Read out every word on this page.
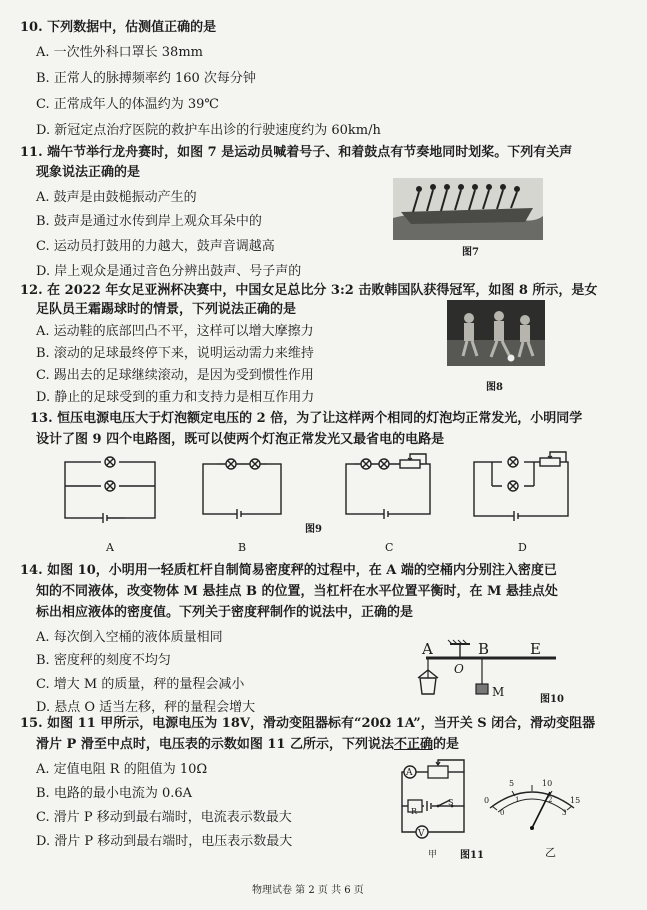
10. 下列数据中，估测值正确的是
A. 一次性外科口罩长 38mm
B. 正常人的脉搏频率约 160 次每分钟
C. 正常成年人的体温约为 39℃
D. 新冠定点治疗医院的救护车出诊的行驶速度约为 60km/h
11. 端午节举行龙舟赛时，如图 7 是运动员喊着号子、和着鼓点有节奏地同时划桨。下列有关声
现象说法正确的是
A. 鼓声是由鼓槌振动产生的
B. 鼓声是通过水传到岸上观众耳朵中的
C. 运动员打鼓用的力越大，鼓声音调越高
D. 岸上观众是通过音色分辨出鼓声、号子声的
图7
12. 在 2022 年女足亚洲杯决赛中，中国女足总比分 3:2 击败韩国队获得冠军，如图 8 所示，是女
足队员王霜踢球时的情景，下列说法正确的是
A. 运动鞋的底部凹凸不平，这样可以增大摩擦力
B. 滚动的足球最终停下来，说明运动需力来维持
C. 踢出去的足球继续滚动，是因为受到惯性作用
D. 静止的足球受到的重力和支持力是相互作用力
图8
13. 恒压电源电压大于灯泡额定电压的 2 倍，为了让这样两个相同的灯泡均正常发光，小明同学
设计了图 9 四个电路图，既可以使两个灯泡正常发光又最省电的电路是
图9
A	B	C	D
14. 如图 10，小明用一轻质杠杆自制简易密度秤的过程中，在 A 端的空桶内分别注入密度已
知的不同液体，改变物体 M 悬挂点 B 的位置，当杠杆在水平位置平衡时，在 M 悬挂点处
标出相应液体的密度值。下列关于密度秤制作的说法中，正确的是
A. 每次倒入空桶的液体质量相同
B. 密度秤的刻度不均匀
C. 增大 M 的质量，秤的量程会减小
D. 悬点 O 适当左移，秤的量程会增大
A
O
B	E
M
图10
15. 如图 11 甲所示，电源电压为 18V，滑动变阻器标有“20Ω 1A”，当开关 S 闭合，滑动变阻器
滑片 P 滑至中点时，电压表的示数如图 11 乙所示，下列说法不正确的是
A. 定值电阻 R 的阻值为 10Ω
B. 电路的最小电流为 0.6A
C. 滑片 P 移动到最右端时，电流表示数最大
D. 滑片 P 移动到最右端时，电压表示数最大
A
V
R
S
甲 图11
0
5	10
15
0
1	2
3
乙
物理试卷 第 2 页 共 6 页
